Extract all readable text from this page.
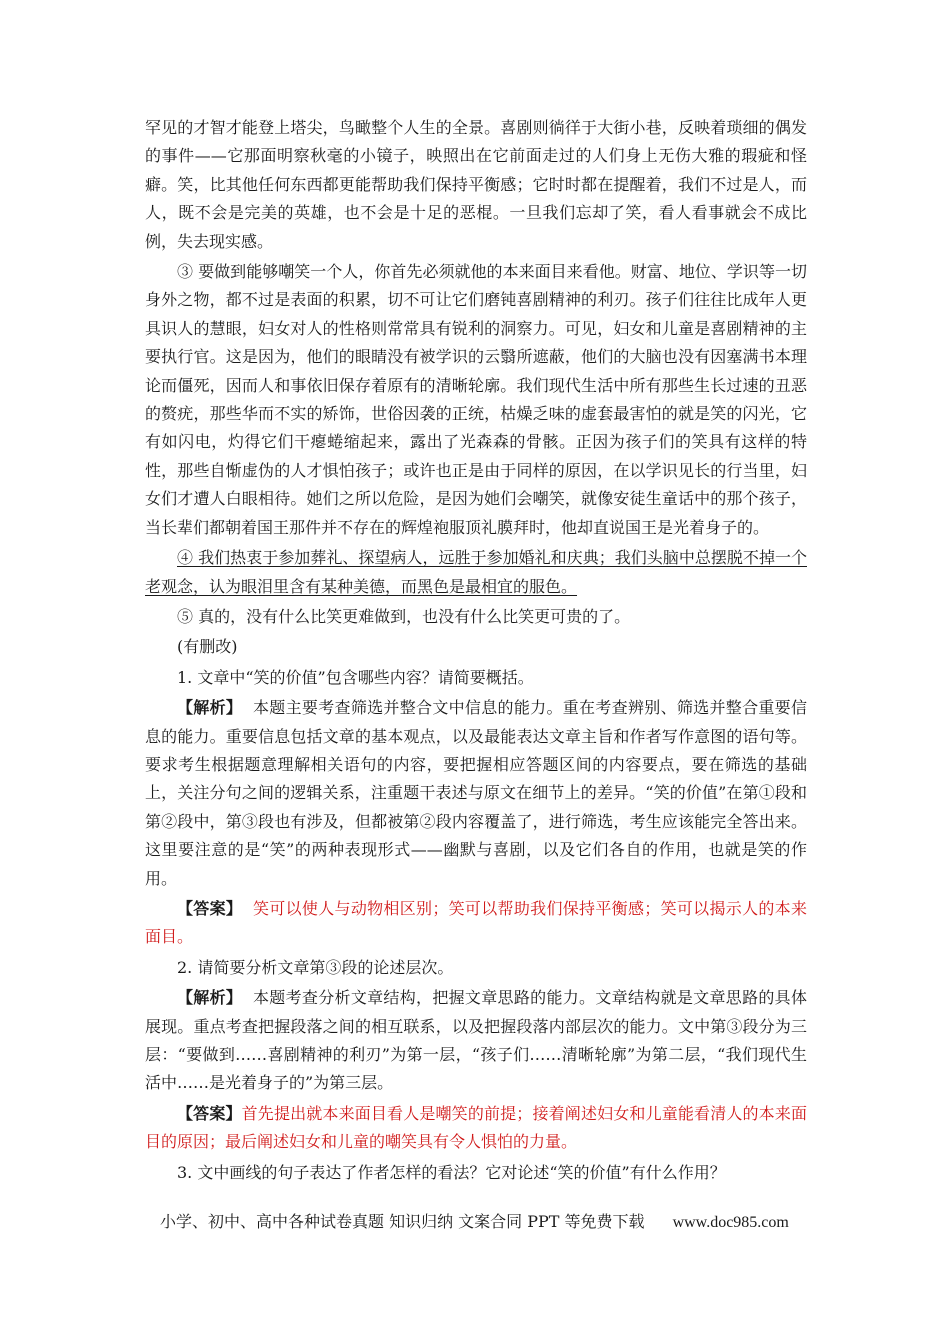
罕见的才智才能登上塔尖，鸟瞰整个人生的全景。喜剧则徜徉于大街小巷，反映着琐细的偶发的事件——它那面明察秋毫的小镜子，映照出在它前面走过的人们身上无伤大雅的瑕疵和怪癖。笑，比其他任何东西都更能帮助我们保持平衡感；它时时都在提醒着，我们不过是人，而人，既不会是完美的英雄，也不会是十足的恶棍。一旦我们忘却了笑，看人看事就会不成比例，失去现实感。

③ 要做到能够嘲笑一个人，你首先必须就他的本来面目来看他。财富、地位、学识等一切身外之物，都不过是表面的积累，切不可让它们磨钝喜剧精神的利刃。孩子们往往比成年人更具识人的慧眼，妇女对人的性格则常常具有锐利的洞察力。可见，妇女和儿童是喜剧精神的主要执行官。这是因为，他们的眼睛没有被学识的云翳所遮蔽，他们的大脑也没有因塞满书本理论而僵死，因而人和事依旧保存着原有的清晰轮廓。我们现代生活中所有那些生长过速的丑恶的赘疣，那些华而不实的矫饰，世俗因袭的正统，枯燥乏味的虚套最害怕的就是笑的闪光，它有如闪电，灼得它们干瘪蜷缩起来，露出了光森森的骨骸。正因为孩子们的笑具有这样的特性，那些自惭虚伪的人才惧怕孩子；或许也正是由于同样的原因，在以学识见长的行当里，妇女们才遭人白眼相待。她们之所以危险，是因为她们会嘲笑，就像安徒生童话中的那个孩子，当长辈们都朝着国王那件并不存在的辉煌袍服顶礼膜拜时，他却直说国王是光着身子的。

④ 我们热衷于参加葬礼、探望病人，远胜于参加婚礼和庆典；我们头脑中总摆脱不掉一个老观念，认为眼泪里含有某种美德，而黑色是最相宜的服色。

⑤ 真的，没有什么比笑更难做到，也没有什么比笑更可贵的了。

(有删改)

1. 文章中“笑的价值”包含哪些内容？请简要概括。

【解析】 本题主要考查筛选并整合文中信息的能力。重在考查辨别、筛选并整合重要信息的能力。重要信息包括文章的基本观点，以及最能表达文章主旨和作者写作意图的语句等。要求考生根据题意理解相关语句的内容，要把握相应答题区间的内容要点，要在筛选的基础上，关注分句之间的逻辑关系，注重题干表述与原文在细节上的差异。“笑的价值”在第①段和第②段中，第③段也有涉及，但都被第②段内容覆盖了，进行筛选，考生应该能完全答出来。这里要注意的是“笑”的两种表现形式——幽默与喜剧，以及它们各自的作用，也就是笑的作用。

【答案】 笑可以使人与动物相区别；笑可以帮助我们保持平衡感；笑可以揭示人的本来面目。

2. 请简要分析文章第③段的论述层次。

【解析】 本题考查分析文章结构，把握文章思路的能力。文章结构就是文章思路的具体展现。重点考查把握段落之间的相互联系，以及把握段落内部层次的能力。文中第③段分为三层：“要做到……喜剧精神的利刃”为第一层，“孩子们……清晰轮廓”为第二层，“我们现代生活中……是光着身子的”为第三层。

【答案】首先提出就本来面目看人是嘲笑的前提；接着阐述妇女和儿童能看清人的本来面目的原因；最后阐述妇女和儿童的嘲笑具有令人惧怕的力量。

3. 文中画线的句子表达了作者怎样的看法？它对论述“笑的价值”有什么作用？

小学、初中、高中各种试卷真题 知识归纳 文案合同 PPT 等免费下载 www.doc985.com
